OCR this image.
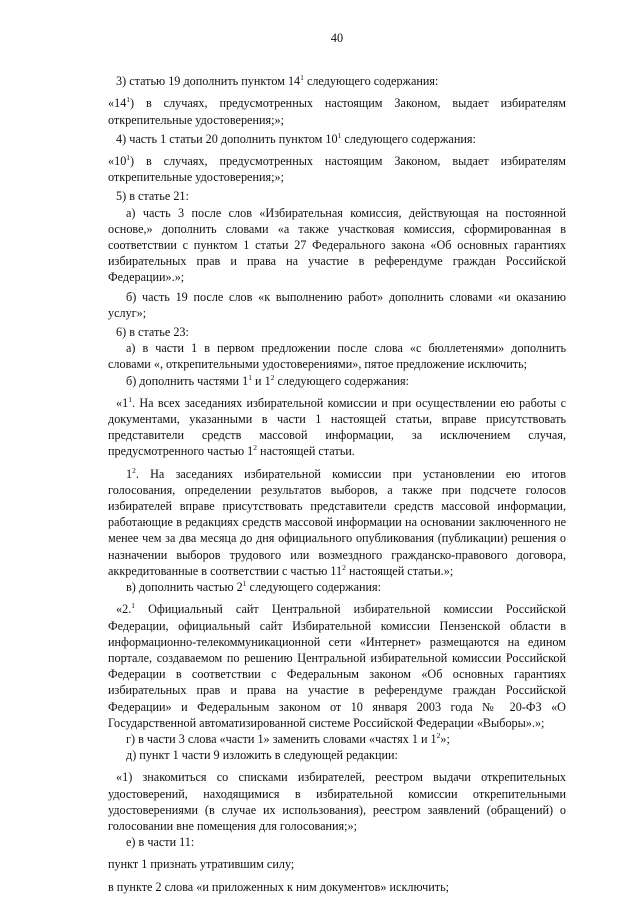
40

3) статью 19 дополнить пунктом $14^1$ следующего содержания:

«$14^1$) в случаях, предусмотренных настоящим Законом, выдает избирателям открепительные удостоверения;»;

4) часть 1 статьи 20 дополнить пунктом $10^1$ следующего содержания:

«$10^1$) в случаях, предусмотренных настоящим Законом, выдает избирателям открепительные удостоверения;»;

5) в статье 21:

а) часть 3 после слов «Избирательная комиссия, действующая на постоянной основе,» дополнить словами «а также участковая комиссия, сформированная в соответствии с пунктом 1 статьи 27 Федерального закона «Об основных гарантиях избирательных прав и права на участие в референдуме граждан Российской Федерации».»;

б) часть 19 после слов «к выполнению работ» дополнить словами «и оказанию услуг»;

6) в статье 23:

а) в части 1 в первом предложении после слова «с бюллетенями» дополнить словами «, открепительными удостоверениями», пятое предложение исключить;

б) дополнить частями $1^1$ и $1^2$ следующего содержания:

«$1^1$. На всех заседаниях избирательной комиссии и при осуществлении ею работы с документами, указанными в части 1 настоящей статьи, вправе присутствовать представители средств массовой информации, за исключением случая, предусмотренного частью $1^2$ настоящей статьи.

$1^2$. На заседаниях избирательной комиссии при установлении ею итогов голосования, определении результатов выборов, а также при подсчете голосов избирателей вправе присутствовать представители средств массовой информации, работающие в редакциях средств массовой информации на основании заключенного не менее чем за два месяца до дня официального опубликования (публикации) решения о назначении выборов трудового или возмездного гражданско-правового договора, аккредитованные в соответствии с частью $11^2$ настоящей статьи.»;

в) дополнить частью $2^1$ следующего содержания:

«2.$^1$ Официальный сайт Центральной избирательной комиссии Российской Федерации, официальный сайт Избирательной комиссии Пензенской области в информационно-телекоммуникационной сети «Интернет» размещаются на едином портале, создаваемом по решению Центральной избирательной комиссии Российской Федерации в соответствии с Федеральным законом «Об основных гарантиях избирательных прав и права на участие в референдуме граждан Российской Федерации» и Федеральным законом от 10 января 2003 года № 20-ФЗ «О Государственной автоматизированной системе Российской Федерации «Выборы».»;

г) в части 3 слова «части 1» заменить словами «частях 1 и $1^2$»;

д) пункт 1 части 9 изложить в следующей редакции:

«1) знакомиться со списками избирателей, реестром выдачи открепительных удостоверений, находящимися в избирательной комиссии открепительными удостоверениями (в случае их использования), реестром заявлений (обращений) о голосовании вне помещения для голосования;»;

е) в части 11:

пункт 1 признать утратившим силу;

в пункте 2 слова «и приложенных к ним документов» исключить;
